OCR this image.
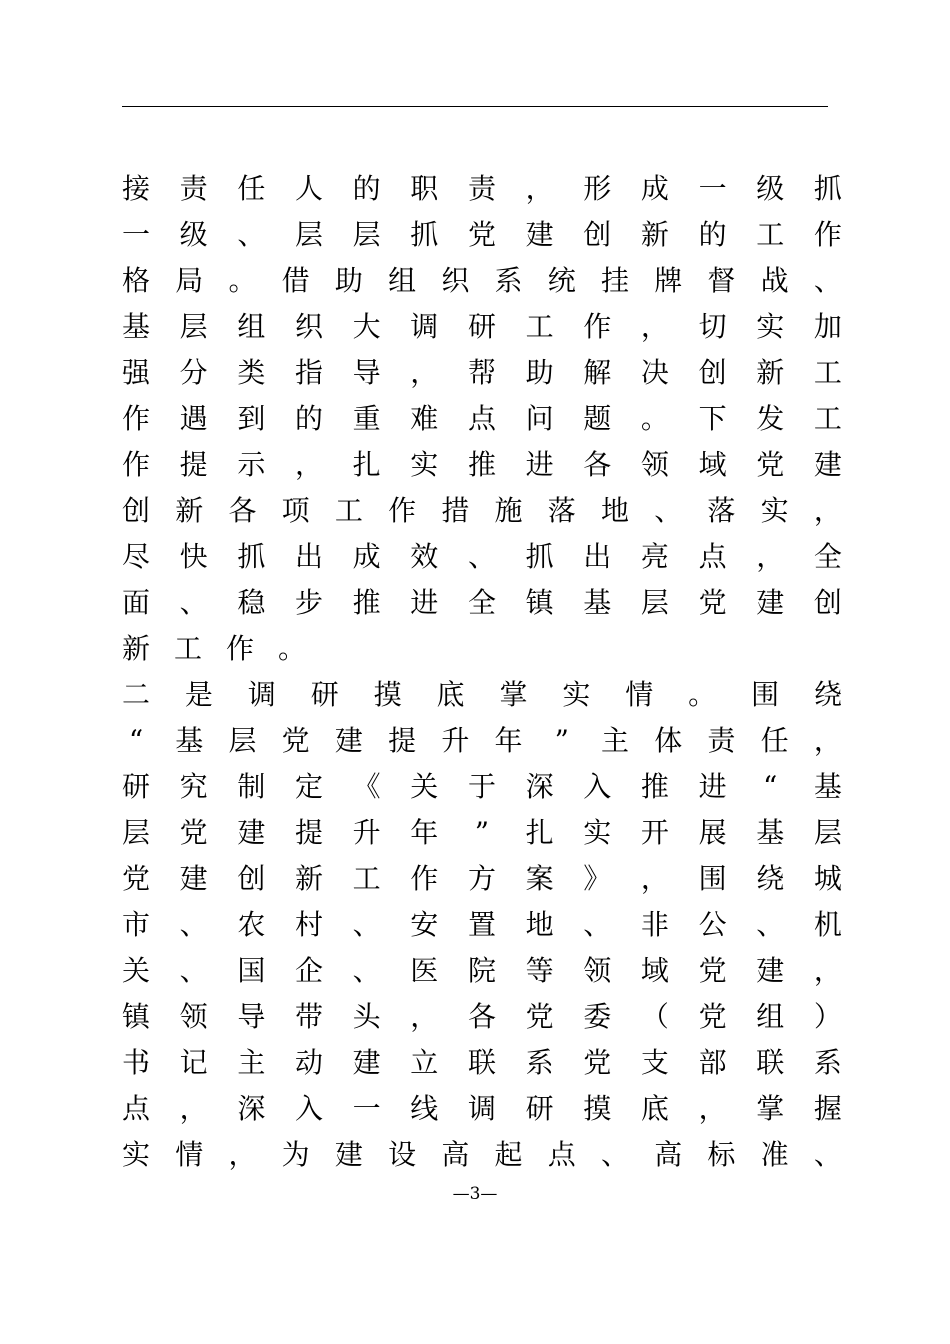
接 责 任 人 的 职 责 ， 形 成 一 级 抓
一 级 、 层 层 抓 党 建 创 新 的 工 作
格 局 。 借 助 组 织 系 统 挂 牌 督 战 、
基 层 组 织 大 调 研 工 作 ， 切 实 加
强 分 类 指 导 ， 帮 助 解 决 创 新 工
作 遇 到 的 重 难 点 问 题 。 下 发 工
作 提 示 ， 扎 实 推 进 各 领 域 党 建
创 新 各 项 工 作 措 施 落 地 、 落 实 ，
尽 快 抓 出 成 效 、 抓 出 亮 点 ， 全
面 、 稳 步 推 进 全 镇 基 层 党 建 创
新 工 作 。
二 是 调 研 摸 底 掌 实 情 。 围 绕
“ 基 层 党 建 提 升 年 ” 主 体 责 任 ，
研 究 制 定 《 关 于 深 入 推 进 “ 基
层 党 建 提 升 年 ” 扎 实 开 展 基 层
党 建 创 新 工 作 方 案 》 ， 围 绕 城
市 、 农 村 、 安 置 地 、 非 公 、 机
关 、 国 企 、 医 院 等 领 域 党 建 ，
镇 领 导 带 头 ， 各 党 委 （ 党 组 ）
书 记 主 动 建 立 联 系 党 支 部 联 系
点 ， 深 入 一 线 调 研 摸 底 ， 掌 握
实 情 ， 为 建 设 高 起 点 、 高 标 准 、
—3—
